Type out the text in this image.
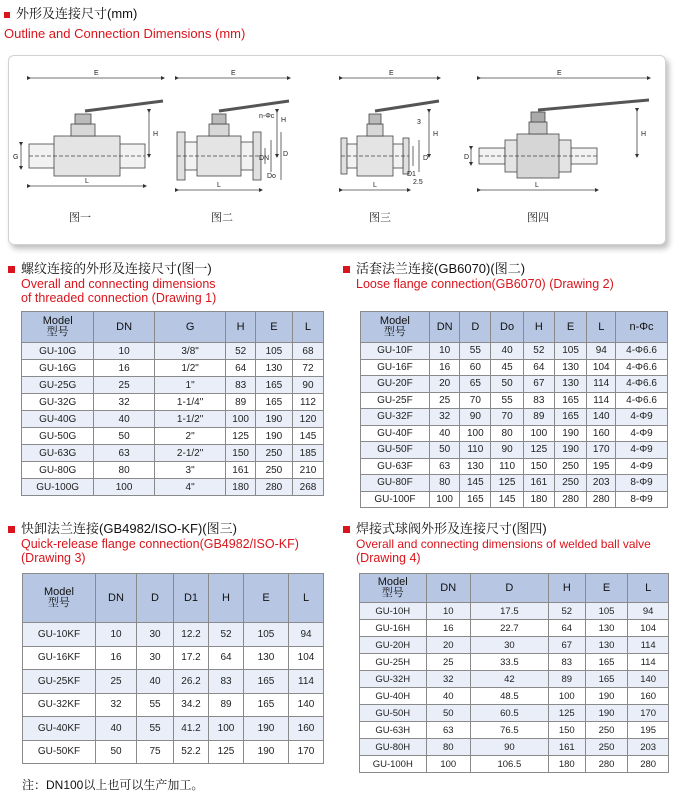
外形及连接尺寸(mm)
Outline and Connection Dimensions (mm)
E
H
L
G
E
H
L
DN
Do
D
n-Φc
E
H
L
3
D
D1
2.5
E
H
L
D
图一	图二	图三	图四
螺纹连接的外形及连接尺寸(图一)
Overall and connecting dimensions
of threaded connection (Drawing 1)
活套法兰连接(GB6070)(图二)
Loose flange connection(GB6070) (Drawing 2)
Model
型号	DN	G	H	E	L
GU-10G	10	3/8"	52	105	68
GU-16G	16	1/2"	64	130	72
GU-25G	25	1"	83	165	90
GU-32G	32	1-1/4"	89	165	112
GU-40G	40	1-1/2"	100	190	120
GU-50G	50	2"	125	190	145
GU-63G	63	2-1/2"	150	250	185
GU-80G	80	3"	161	250	210
GU-100G	100	4"	180	280	268
Model
型号	DN	D	Do	H	E	L	n-Φc
GU-10F	10	55	40	52	105	94	4-Φ6.6
GU-16F	16	60	45	64	130	104	4-Φ6.6
GU-20F	20	65	50	67	130	114	4-Φ6.6
GU-25F	25	70	55	83	165	114	4-Φ6.6
GU-32F	32	90	70	89	165	140	4-Φ9
GU-40F	40	100	80	100	190	160	4-Φ9
GU-50F	50	110	90	125	190	170	4-Φ9
GU-63F	63	130	110	150	250	195	4-Φ9
GU-80F	80	145	125	161	250	203	8-Φ9
GU-100F	100	165	145	180	280	280	8-Φ9
快卸法兰连接(GB4982/ISO-KF)(图三)
Quick-release flange connection(GB4982/ISO-KF)
(Drawing 3)
焊接式球阀外形及连接尺寸(图四)
Overall and connecting dimensions of welded ball valve
(Drawing 4)
Model
型号	DN	D	D1	H	E	L
GU-10KF	10	30	12.2	52	105	94
GU-16KF	16	30	17.2	64	130	104
GU-25KF	25	40	26.2	83	165	114
GU-32KF	32	55	34.2	89	165	140
GU-40KF	40	55	41.2	100	190	160
GU-50KF	50	75	52.2	125	190	170
Model
型号	DN	D	H	E	L
GU-10H	10	17.5	52	105	94
GU-16H	16	22.7	64	130	104
GU-20H	20	30	67	130	114
GU-25H	25	33.5	83	165	114
GU-32H	32	42	89	165	140
GU-40H	40	48.5	100	190	160
GU-50H	50	60.5	125	190	170
GU-63H	63	76.5	150	250	195
GU-80H	80	90	161	250	203
GU-100H	100	106.5	180	280	280
注：DN100以上也可以生产加工。
